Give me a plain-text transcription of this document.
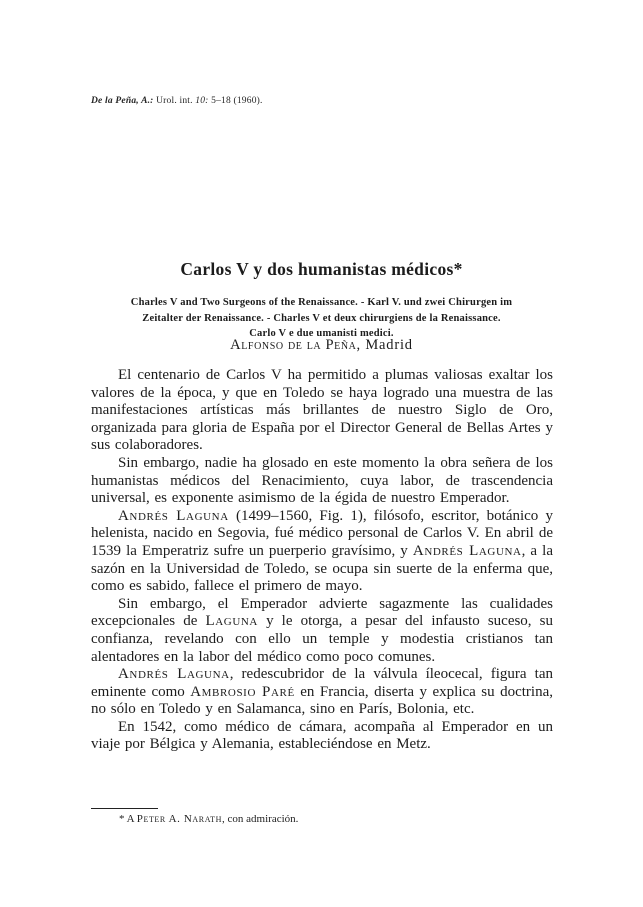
De la Peña, A.: Urol. int. 10: 5–18 (1960).
Carlos V y dos humanistas médicos*
Charles V and Two Surgeons of the Renaissance. - Karl V. und zwei Chirurgen im
Zeitalter der Renaissance. - Charles V et deux chirurgiens de la Renaissance.
Carlo V e due umanisti medici.
Alfonso de la Peña, Madrid

El centenario de Carlos V ha permitido a plumas valiosas exaltar los valores de la época, y que en Toledo se haya logrado una muestra de las manifestaciones artísticas más brillantes de nuestro Siglo de Oro, organizada para gloria de España por el Director General de Bellas Artes y sus colaboradores.

Sin embargo, nadie ha glosado en este momento la obra señera de los humanistas médicos del Renacimiento, cuya labor, de trascendencia universal, es exponente asimismo de la égida de nuestro Emperador.

Andrés Laguna (1499–1560, Fig. 1), filósofo, escritor, botánico y helenista, nacido en Segovia, fué médico personal de Carlos V. En abril de 1539 la Emperatriz sufre un puerperio gravísimo, y Andrés Laguna, a la sazón en la Universidad de Toledo, se ocupa sin suerte de la enferma que, como es sabido, fallece el primero de mayo.

Sin embargo, el Emperador advierte sagazmente las cualidades excepcionales de Laguna y le otorga, a pesar del infausto suceso, su confianza, revelando con ello un temple y modestia cristianos tan alentadores en la labor del médico como poco comunes.

Andrés Laguna, redescubridor de la válvula íleocecal, figura tan eminente como Ambrosio Paré en Francia, diserta y explica su doctrina, no sólo en Toledo y en Salamanca, sino en París, Bolonia, etc.

En 1542, como médico de cámara, acompaña al Emperador en un viaje por Bélgica y Alemania, estableciéndose en Metz.

* A Peter A. Narath, con admiración.
